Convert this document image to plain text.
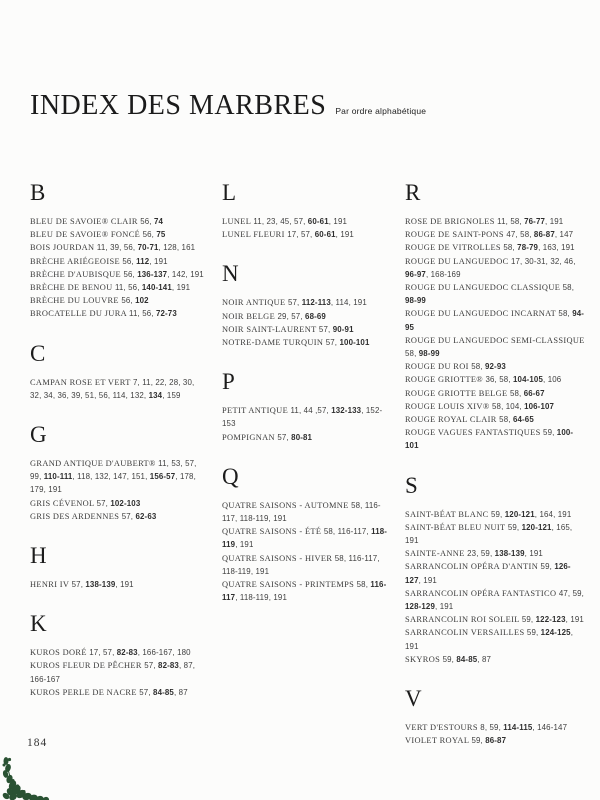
INDEX DES MARBRES Par ordre alphabétique
B
BLEU DE SAVOIE® CLAIR 56, 74
BLEU DE SAVOIE® FONCÉ 56, 75
BOIS JOURDAN 11, 39, 56, 70-71, 128, 161
BRÈCHE ARIÉGEOISE 56, 112, 191
BRÈCHE D'AUBISQUE 56, 136-137, 142, 191
BRÈCHE DE BENOU 11, 56, 140-141, 191
BRÈCHE DU LOUVRE 56, 102
BROCATELLE DU JURA 11, 56, 72-73
C
CAMPAN ROSE ET VERT 7, 11, 22, 28, 30, 32, 34, 36, 39, 51, 56, 114, 132, 134, 159
G
GRAND ANTIQUE D'AUBERT® 11, 53, 57, 99, 110-111, 118, 132, 147, 151, 156-57, 178, 179, 191
GRIS CÉVENOL 57, 102-103
GRIS DES ARDENNES 57, 62-63
H
HENRI IV 57, 138-139, 191
K
KUROS DORÉ 17, 57, 82-83, 166-167, 180
KUROS FLEUR DE PÊCHER 57, 82-83, 87, 166-167
KUROS PERLE DE NACRE 57, 84-85, 87
L
LUNEL 11, 23, 45, 57, 60-61, 191
LUNEL FLEURI 17, 57, 60-61, 191
N
NOIR ANTIQUE 57, 112-113, 114, 191
NOIR BELGE 29, 57, 68-69
NOIR SAINT-LAURENT 57, 90-91
NOTRE-DAME TURQUIN 57, 100-101
P
PETIT ANTIQUE 11, 44 ,57, 132-133, 152-153
POMPIGNAN 57, 80-81
Q
QUATRE SAISONS - AUTOMNE 58, 116-117, 118-119, 191
QUATRE SAISONS - ÉTÉ 58, 116-117, 118-119, 191
QUATRE SAISONS - HIVER 58, 116-117, 118-119, 191
QUATRE SAISONS - PRINTEMPS 58, 116-117, 118-119, 191
R
ROSE DE BRIGNOLES 11, 58, 76-77, 191
ROUGE DE SAINT-PONS 47, 58, 86-87, 147
ROUGE DE VITROLLES 58, 78-79, 163, 191
ROUGE DU LANGUEDOC 17, 30-31, 32, 46, 96-97, 168-169
ROUGE DU LANGUEDOC CLASSIQUE 58, 98-99
ROUGE DU LANGUEDOC INCARNAT 58, 94-95
ROUGE DU LANGUEDOC SEMI-CLASSIQUE 58, 98-99
ROUGE DU ROI 58, 92-93
ROUGE GRIOTTE® 36, 58, 104-105, 106
ROUGE GRIOTTE BELGE 58, 66-67
ROUGE LOUIS XIV® 58, 104, 106-107
ROUGE ROYAL CLAIR 58, 64-65
ROUGE VAGUES FANTASTIQUES 59, 100-101
S
SAINT-BÉAT BLANC 59, 120-121, 164, 191
SAINT-BÉAT BLEU NUIT 59, 120-121, 165, 191
SAINTE-ANNE 23, 59, 138-139, 191
SARRANCOLIN OPÉRA D'ANTIN 59, 126-127, 191
SARRANCOLIN OPÉRA FANTASTICO 47, 59, 128-129, 191
SARRANCOLIN ROI SOLEIL 59, 122-123, 191
SARRANCOLIN VERSAILLES 59, 124-125, 191
SKYROS 59, 84-85, 87
V
VERT D'ESTOURS 8, 59, 114-115, 146-147
VIOLET ROYAL 59, 86-87
184
